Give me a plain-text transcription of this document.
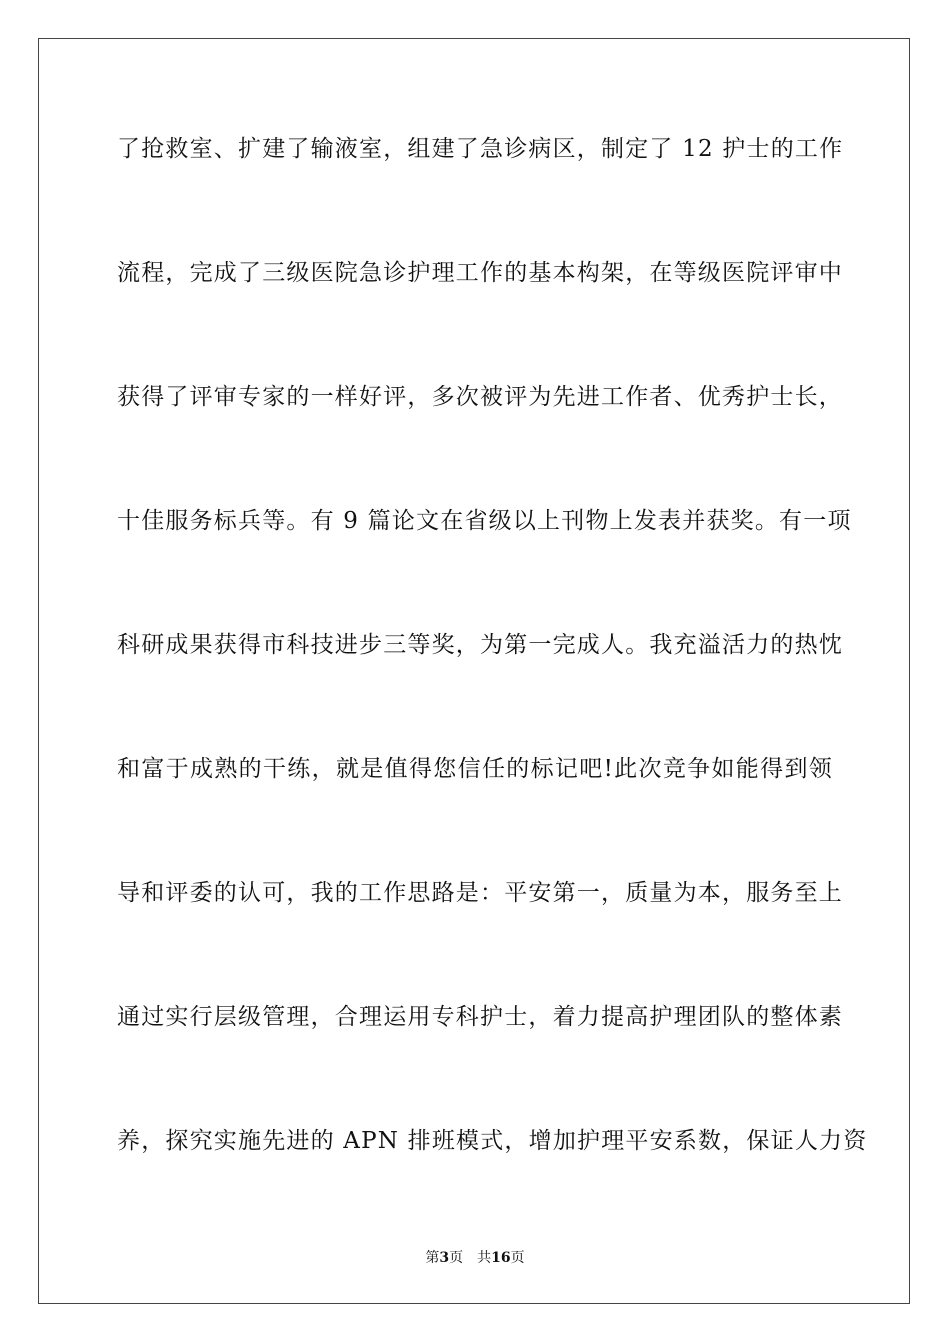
了抢救室、扩建了输液室，组建了急诊病区，制定了 12 护士的工作
流程，完成了三级医院急诊护理工作的基本构架，在等级医院评审中
获得了评审专家的一样好评，多次被评为先进工作者、优秀护士长，
十佳服务标兵等。有 9 篇论文在省级以上刊物上发表并获奖。有一项
科研成果获得市科技进步三等奖，为第一完成人。我充溢活力的热忱
和富于成熟的干练，就是值得您信任的标记吧!此次竞争如能得到领
导和评委的认可，我的工作思路是：平安第一，质量为本，服务至上
通过实行层级管理，合理运用专科护士，着力提高护理团队的整体素
养，探究实施先进的 APN 排班模式，增加护理平安系数，保证人力资
第3页 共16页
